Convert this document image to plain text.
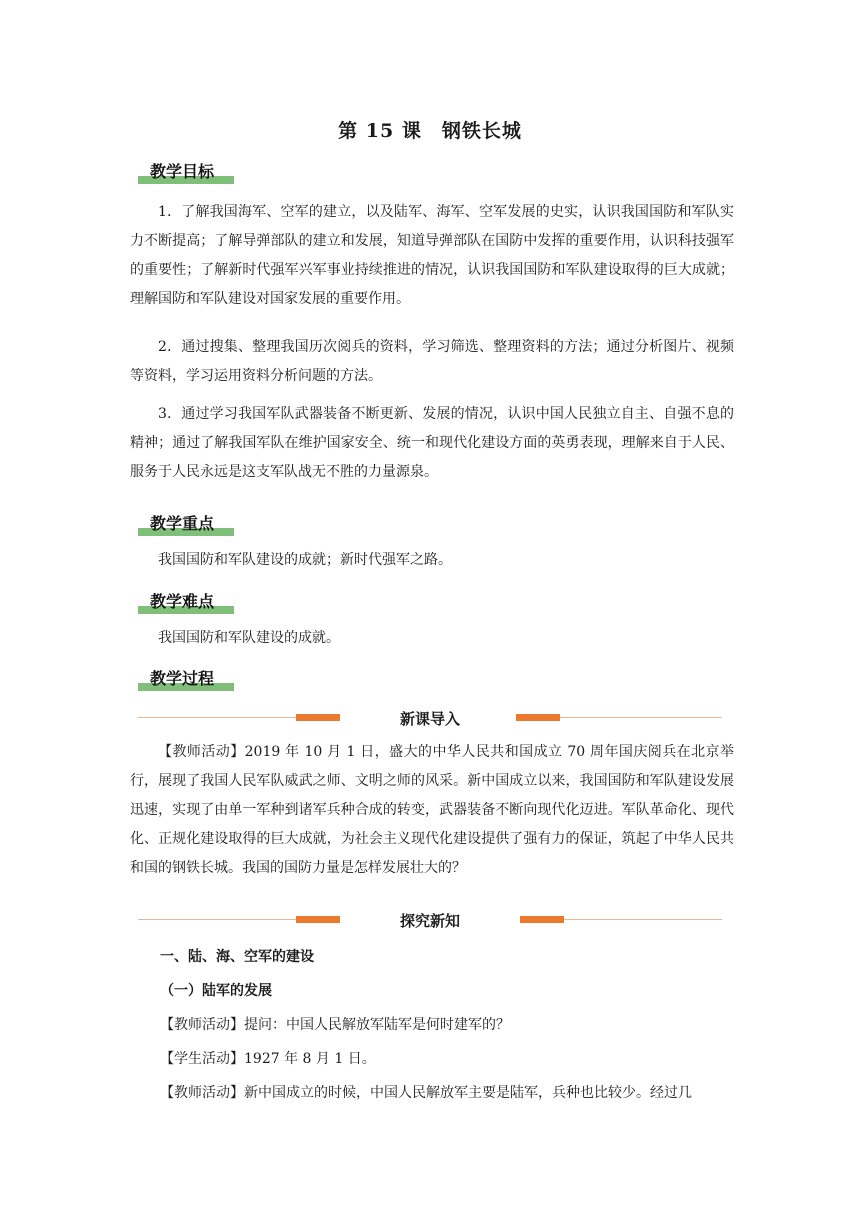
第 15 课　钢铁长城
教学目标
1．了解我国海军、空军的建立，以及陆军、海军、空军发展的史实，认识我国国防和军队实力不断提高；了解导弹部队的建立和发展，知道导弹部队在国防中发挥的重要作用，认识科技强军的重要性；了解新时代强军兴军事业持续推进的情况，认识我国国防和军队建设取得的巨大成就；理解国防和军队建设对国家发展的重要作用。
2．通过搜集、整理我国历次阅兵的资料，学习筛选、整理资料的方法；通过分析图片、视频等资料，学习运用资料分析问题的方法。
3．通过学习我国军队武器装备不断更新、发展的情况，认识中国人民独立自主、自强不息的精神；通过了解我国军队在维护国家安全、统一和现代化建设方面的英勇表现，理解来自于人民、服务于人民永远是这支军队战无不胜的力量源泉。
教学重点
我国国防和军队建设的成就；新时代强军之路。
教学难点
我国国防和军队建设的成就。
教学过程
新课导入
【教师活动】2019 年 10 月 1 日，盛大的中华人民共和国成立 70 周年国庆阅兵在北京举行，展现了我国人民军队威武之师、文明之师的风采。新中国成立以来，我国国防和军队建设发展迅速，实现了由单一军种到诸军兵种合成的转变，武器装备不断向现代化迈进。军队革命化、现代化、正规化建设取得的巨大成就，为社会主义现代化建设提供了强有力的保证，筑起了中华人民共和国的钢铁长城。我国的国防力量是怎样发展壮大的？
探究新知
一、陆、海、空军的建设
（一）陆军的发展
【教师活动】提问：中国人民解放军陆军是何时建军的？
【学生活动】1927 年 8 月 1 日。
【教师活动】新中国成立的时候，中国人民解放军主要是陆军，兵种也比较少。经过几
